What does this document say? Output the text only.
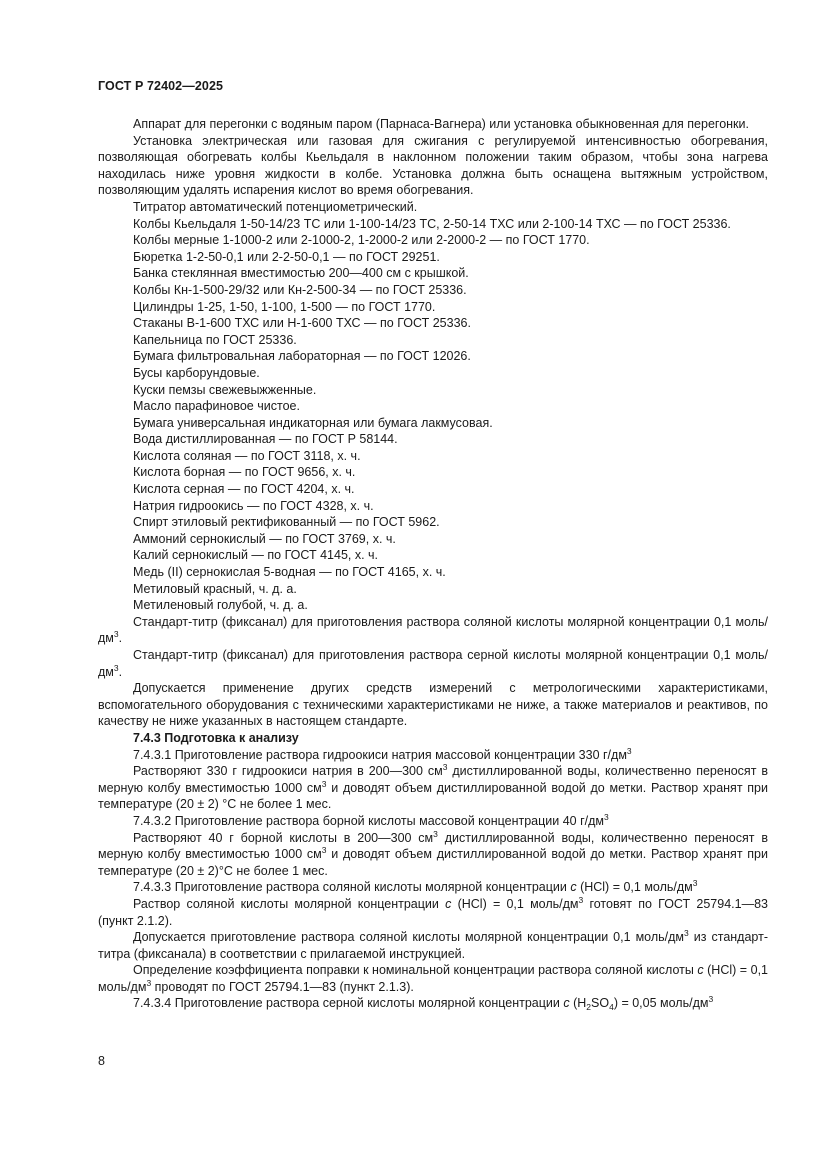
ГОСТ Р 72402—2025

Аппарат для перегонки с водяным паром (Парнаса-Вагнера) или установка обыкновенная для перегонки.

Установка электрическая или газовая для сжигания с регулируемой интенсивностью обогревания, позволяющая обогревать колбы Кьельдаля в наклонном положении таким образом, чтобы зона нагрева находилась ниже уровня жидкости в колбе. Установка должна быть оснащена вытяжным устройством, позволяющим удалять испарения кислот во время обогревания.

Титратор автоматический потенциометрический.

Колбы Кьельдаля 1-50-14/23 ТС или 1-100-14/23 ТС, 2-50-14 ТХС или 2-100-14 ТХС — по ГОСТ 25336.

Колбы мерные 1-1000-2 или 2-1000-2, 1-2000-2 или 2-2000-2 — по ГОСТ 1770.

Бюретка 1-2-50-0,1 или 2-2-50-0,1 — по ГОСТ 29251.

Банка стеклянная вместимостью 200—400 см с крышкой.

Колбы Кн-1-500-29/32 или Кн-2-500-34 — по ГОСТ 25336.

Цилиндры 1-25, 1-50, 1-100, 1-500 — по ГОСТ 1770.

Стаканы В-1-600 ТХС или Н-1-600 ТХС — по ГОСТ 25336.

Капельница по ГОСТ 25336.

Бумага фильтровальная лабораторная — по ГОСТ 12026.

Бусы карборундовые.

Куски пемзы свежевыжженные.

Масло парафиновое чистое.

Бумага универсальная индикаторная или бумага лакмусовая.

Вода дистиллированная — по ГОСТ Р 58144.

Кислота соляная — по ГОСТ 3118, х. ч.

Кислота борная — по ГОСТ 9656, х. ч.

Кислота серная — по ГОСТ 4204, х. ч.

Натрия гидроокись — по ГОСТ 4328, х. ч.

Спирт этиловый ректификованный — по ГОСТ 5962.

Аммоний сернокислый — по ГОСТ 3769, х. ч.

Калий сернокислый — по ГОСТ 4145, х. ч.

Медь (II) сернокислая 5-водная — по ГОСТ 4165, х. ч.

Метиловый красный, ч. д. а.

Метиленовый голубой, ч. д. а.

Стандарт-титр (фиксанал) для приготовления раствора соляной кислоты молярной концентрации 0,1 моль/$дм^3$.

Стандарт-титр (фиксанал) для приготовления раствора серной кислоты молярной концентрации 0,1 моль/$дм^3$.

Допускается применение других средств измерений с метрологическими характеристиками, вспомогательного оборудования с техническими характеристиками не ниже, а также материалов и реактивов, по качеству не ниже указанных в настоящем стандарте.

7.4.3 Подготовка к анализу

7.4.3.1 Приготовление раствора гидроокиси натрия массовой концентрации 330 $г/дм^3$

Растворяют 330 г гидроокиси натрия в 200—300 $см^3$ дистиллированной воды, количественно переносят в мерную колбу вместимостью 1000 $см^3$ и доводят объем дистиллированной водой до метки. Раствор хранят при температуре (20 ± 2) °С не более 1 мес.

7.4.3.2 Приготовление раствора борной кислоты массовой концентрации 40 $г/дм^3$

Растворяют 40 г борной кислоты в 200—300 $см^3$ дистиллированной воды, количественно переносят в мерную колбу вместимостью 1000 $см^3$ и доводят объем дистиллированной водой до метки. Раствор хранят при температуре (20 ± 2)°С не более 1 мес.

7.4.3.3 Приготовление раствора соляной кислоты молярной концентрации c (HCl) = 0,1 моль/$дм^3$

Раствор соляной кислоты молярной концентрации c (HCl) = 0,1 моль/$дм^3$ готовят по ГОСТ 25794.1—83 (пункт 2.1.2).

Допускается приготовление раствора соляной кислоты молярной концентрации 0,1 моль/$дм^3$ из стандарт-титра (фиксанала) в соответствии с прилагаемой инструкцией.

Определение коэффициента поправки к номинальной концентрации раствора соляной кислоты c (HCl) = 0,1 моль/$дм^3$ проводят по ГОСТ 25794.1—83 (пункт 2.1.3).

7.4.3.4 Приготовление раствора серной кислоты молярной концентрации c $(H_2SO_4) = 0,05$ моль/$дм^3$

8
